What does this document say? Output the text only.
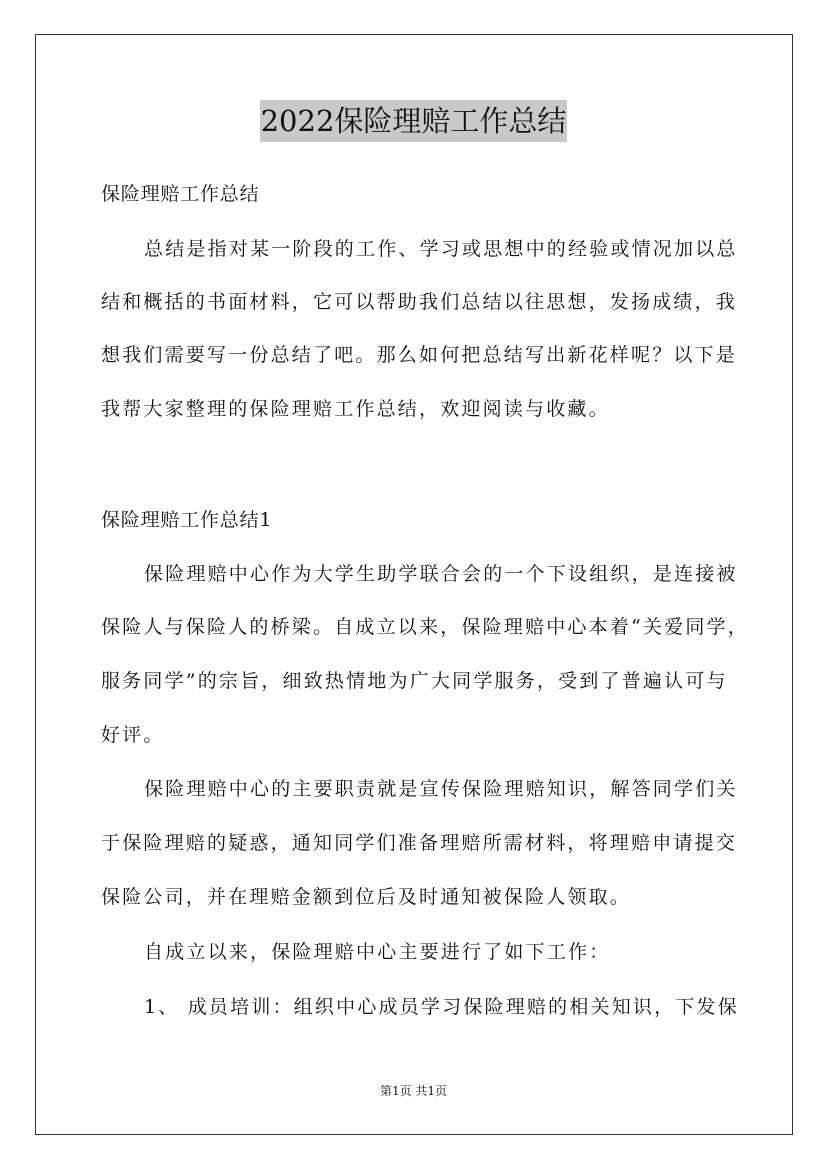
2022保险理赔工作总结
保险理赔工作总结
总结是指对某一阶段的工作、学习或思想中的经验或情况加以总
结和概括的书面材料，它可以帮助我们总结以往思想，发扬成绩，我
想我们需要写一份总结了吧。那么如何把总结写出新花样呢？以下是
我帮大家整理的保险理赔工作总结，欢迎阅读与收藏。
保险理赔工作总结1
保险理赔中心作为大学生助学联合会的一个下设组织，是连接被
保险人与保险人的桥梁。自成立以来，保险理赔中心本着“关爱同学，
服务同学”的宗旨，细致热情地为广大同学服务，受到了普遍认可与
好评。
保险理赔中心的主要职责就是宣传保险理赔知识，解答同学们关
于保险理赔的疑惑，通知同学们准备理赔所需材料，将理赔申请提交
保险公司，并在理赔金额到位后及时通知被保险人领取。
自成立以来，保险理赔中心主要进行了如下工作：
1、 成员培训：组织中心成员学习保险理赔的相关知识，下发保
第1页 共1页
